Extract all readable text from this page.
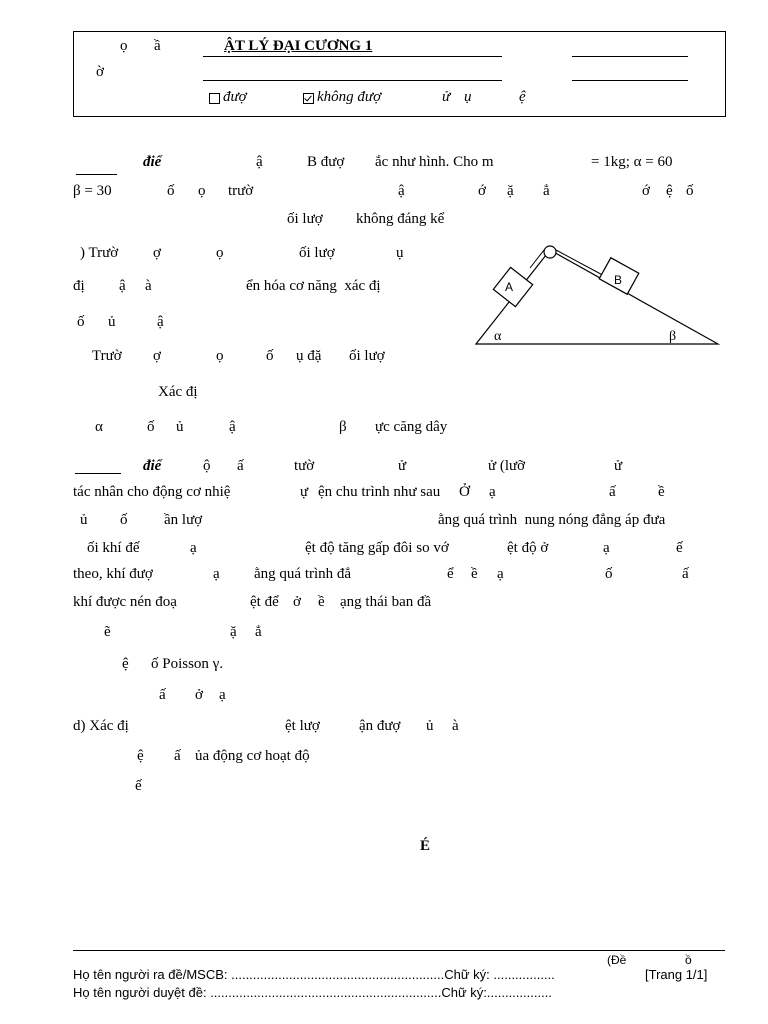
ọ ầ	ẬT LÝ ĐẠI CƯƠNG 1
ờ
đượ	không đượ	ử ụ	ệ
điể	ậ	B đượ ắc như hình. Cho m	= 1kg; α = 60
β = 30	ố ọ trườ	ậ	ớ ặ ẳ	ớ ệ ố
ối lượ không đáng kể
) Trườ ợ	ọ	ối lượ	ụ
đị ậ à	ển hóa cơ năng  xác đị
ố ủ	ậ
Trườ ợ	ọ	ố ụ đặ ối lượ
Xác đị
α	ố ủ	ậ	β ực căng dây
A	B
α	β
điể	ộ ấ	tườ	ử	ử (lưỡ	ử
tác nhân cho động cơ nhiệ	ự ện chu trình như sau Ở ạ	ấ	ề
ủ ố ần lượ	ằng quá trình  nung nóng đẳng áp đưa
ối khí đế	ạ	ệt độ tăng gấp đôi so vớ	ệt độ ở	ạ	ế
theo, khí đượ	ạ ằng quá trình đẳ	ể ề ạ	ố	ấ
khí được nén đoạ	ệt để ở ề ạng thái ban đầ
ẽ	ặ ẳ
ệ ố Poisson γ.
ấ ở ạ
d) Xác đị	ệt lượ	ận đượ ủ à
ệ ấ ủa động cơ hoạt độ
ế
É
(Đề	ồ
Họ tên người ra đề/MSCB: ...........................................................Chữ ký: .................	[Trang 1/1]
Họ tên người duyệt đề: ................................................................Chữ ký:..................
